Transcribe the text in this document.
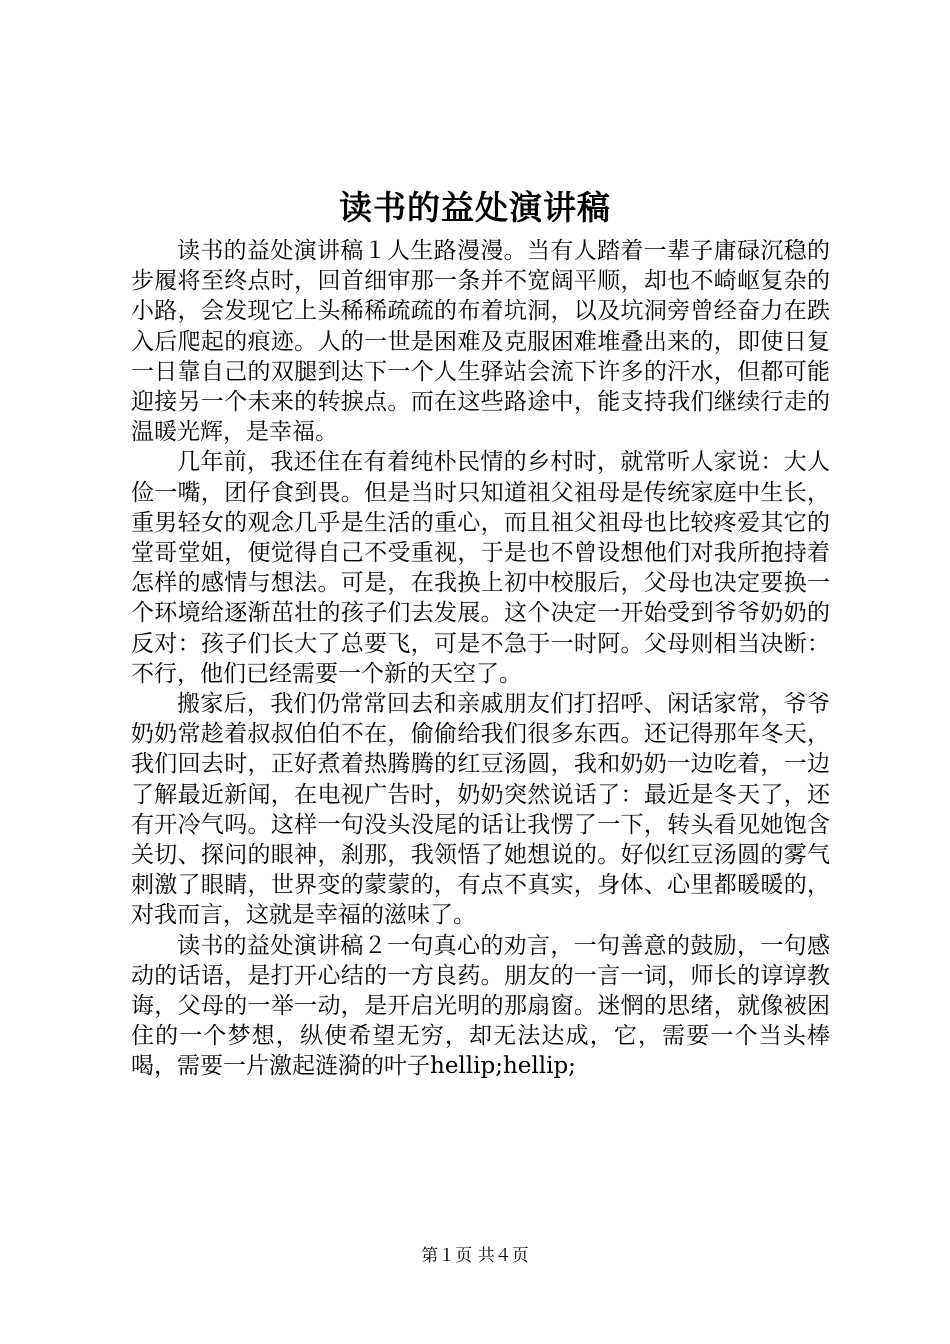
读书的益处演讲稿

读书的益处演讲稿１人生路漫漫。当有人踏着一辈子庸碌沉稳的步履将至终点时，回首细审那一条并不宽阔平顺，却也不崎岖复杂的小路，会发现它上头稀稀疏疏的布着坑洞，以及坑洞旁曾经奋力在跌入后爬起的痕迹。人的一世是困难及克服困难堆叠出来的，即使日复一日靠自己的双腿到达下一个人生驿站会流下许多的汗水，但都可能迎接另一个未来的转捩点。而在这些路途中，能支持我们继续行走的温暖光辉，是幸福。

几年前，我还住在有着纯朴民情的乡村时，就常听人家说：大人俭一嘴，团仔食到畏。但是当时只知道祖父祖母是传统家庭中生长，重男轻女的观念几乎是生活的重心，而且祖父祖母也比较疼爱其它的堂哥堂姐，便觉得自己不受重视，于是也不曾设想他们对我所抱持着怎样的感情与想法。可是，在我换上初中校服后，父母也决定要换一个环境给逐渐茁壮的孩子们去发展。这个决定一开始受到爷爷奶奶的反对：孩子们长大了总要飞，可是不急于一时阿。父母则相当决断：不行，他们已经需要一个新的天空了。

搬家后，我们仍常常回去和亲戚朋友们打招呼、闲话家常，爷爷奶奶常趁着叔叔伯伯不在，偷偷给我们很多东西。还记得那年冬天，我们回去时，正好煮着热腾腾的红豆汤圆，我和奶奶一边吃着，一边了解最近新闻，在电视广告时，奶奶突然说话了：最近是冬天了，还有开冷气吗。这样一句没头没尾的话让我愣了一下，转头看见她饱含关切、探问的眼神，刹那，我领悟了她想说的。好似红豆汤圆的雾气刺激了眼睛，世界变的蒙蒙的，有点不真实，身体、心里都暖暖的，对我而言，这就是幸福的滋味了。

读书的益处演讲稿２一句真心的劝言，一句善意的鼓励，一句感动的话语，是打开心结的一方良药。朋友的一言一词，师长的谆谆教诲，父母的一举一动，是开启光明的那扇窗。迷惘的思绪，就像被困住的一个梦想，纵使希望无穷，却无法达成，它，需要一个当头棒喝，需要一片激起涟漪的叶子hellip;hellip;

第１页 共４页
